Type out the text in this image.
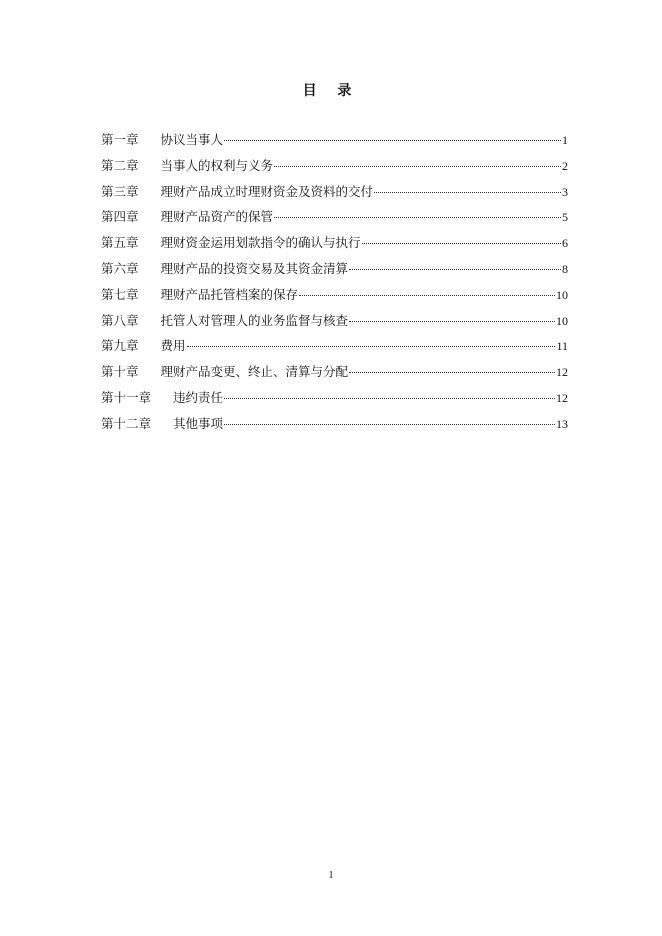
目 录
第一章 协议当事人	1
第二章 当事人的权利与义务	2
第三章 理财产品成立时理财资金及资料的交付	3
第四章 理财产品资产的保管	5
第五章 理财资金运用划款指令的确认与执行	6
第六章 理财产品的投资交易及其资金清算	8
第七章 理财产品托管档案的保存	10
第八章 托管人对管理人的业务监督与核查	10
第九章 费用	11
第十章 理财产品变更、终止、清算与分配	12
第十一章 违约责任	12
第十二章 其他事项	13
1
